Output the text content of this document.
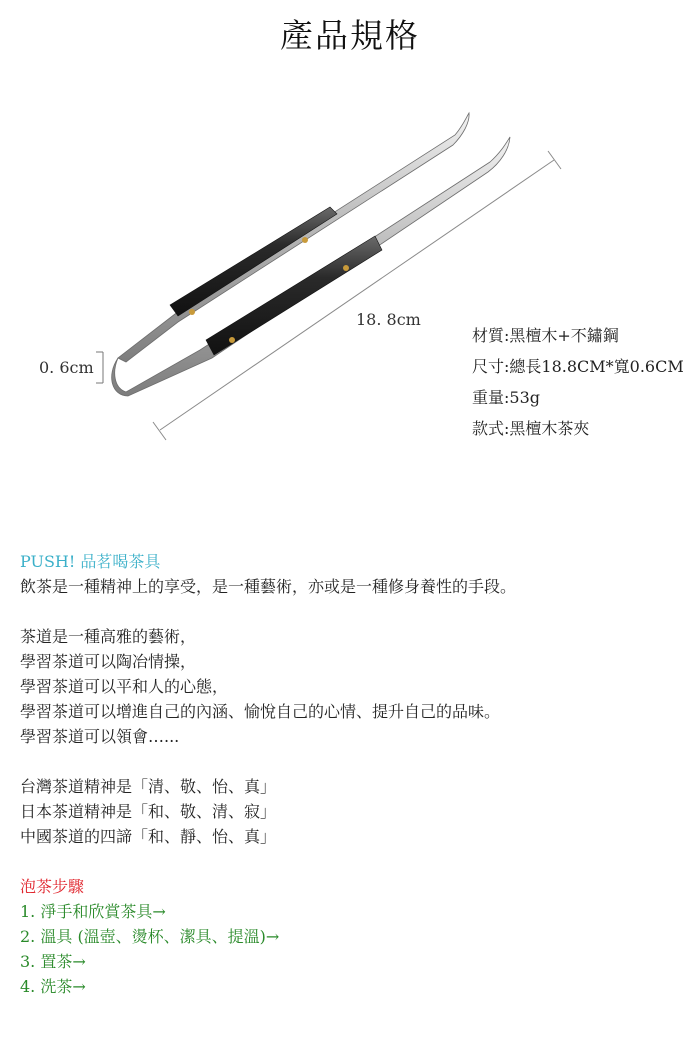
產品規格
18. 8cm
0. 6cm
材質:黑檀木+不鏽鋼
尺寸:總長18.8CM*寬0.6CM
重量:53g
款式:黑檀木茶夾

PUSH! 品茗喝茶具

飲茶是一種精神上的享受，是一種藝術，亦或是一種修身養性的手段。

茶道是一種高雅的藝術，

學習茶道可以陶冶情操，

學習茶道可以平和人的心態，

學習茶道可以增進自己的內涵、愉悅自己的心情、提升自己的品味。

學習茶道可以領會…...

台灣茶道精神是「清、敬、怡、真」

日本茶道精神是「和、敬、清、寂」

中國茶道的四諦「和、靜、怡、真」

泡茶步驟

1. 淨手和欣賞茶具→

2. 溫具 (溫壺、燙杯、潔具、提溫)→

3. 置茶→

4. 洗茶→
